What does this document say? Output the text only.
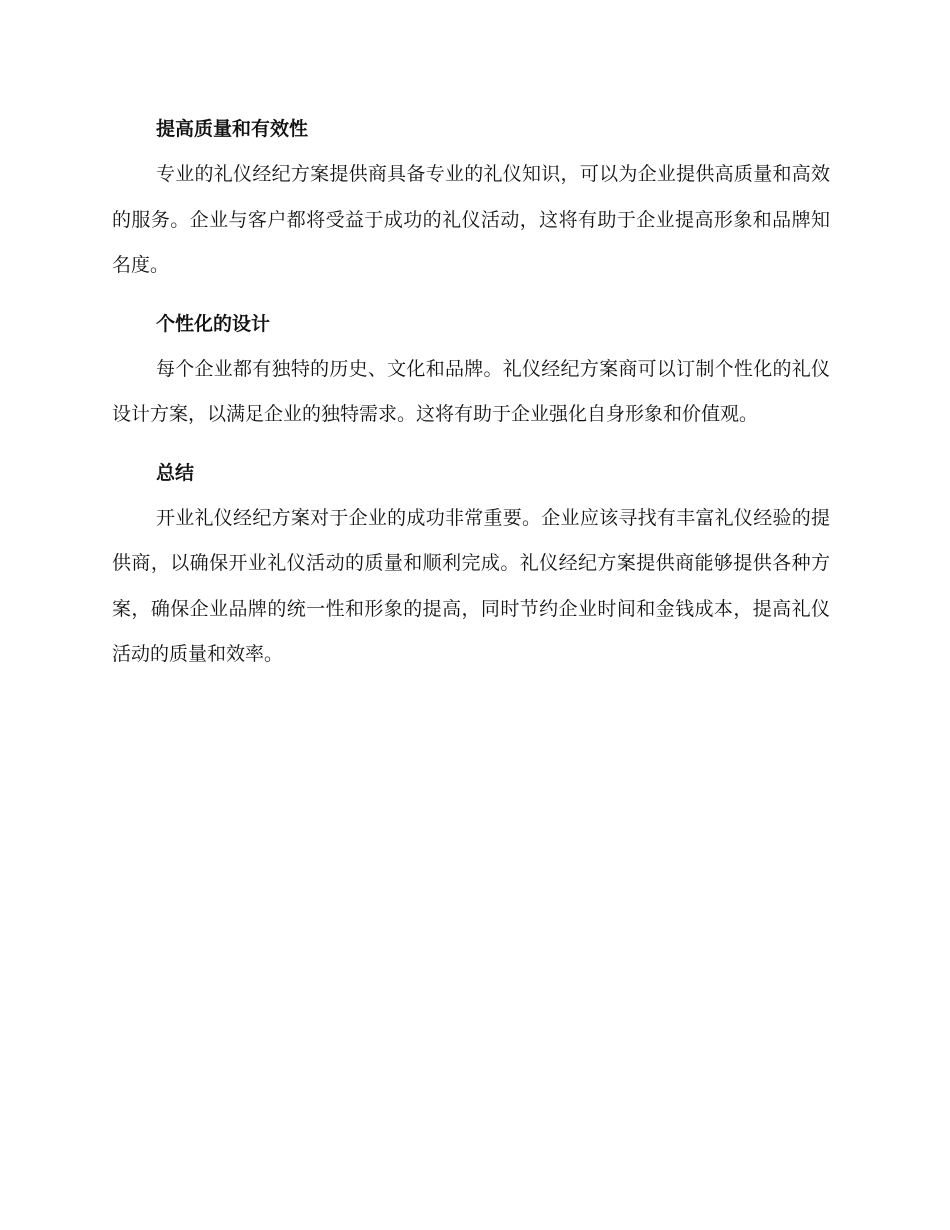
提高质量和有效性

专业的礼仪经纪方案提供商具备专业的礼仪知识，可以为企业提供高质量和高效的服务。企业与客户都将受益于成功的礼仪活动，这将有助于企业提高形象和品牌知名度。

个性化的设计

每个企业都有独特的历史、文化和品牌。礼仪经纪方案商可以订制个性化的礼仪设计方案，以满足企业的独特需求。这将有助于企业强化自身形象和价值观。

总结

开业礼仪经纪方案对于企业的成功非常重要。企业应该寻找有丰富礼仪经验的提供商，以确保开业礼仪活动的质量和顺利完成。礼仪经纪方案提供商能够提供各种方案，确保企业品牌的统一性和形象的提高，同时节约企业时间和金钱成本，提高礼仪活动的质量和效率。
